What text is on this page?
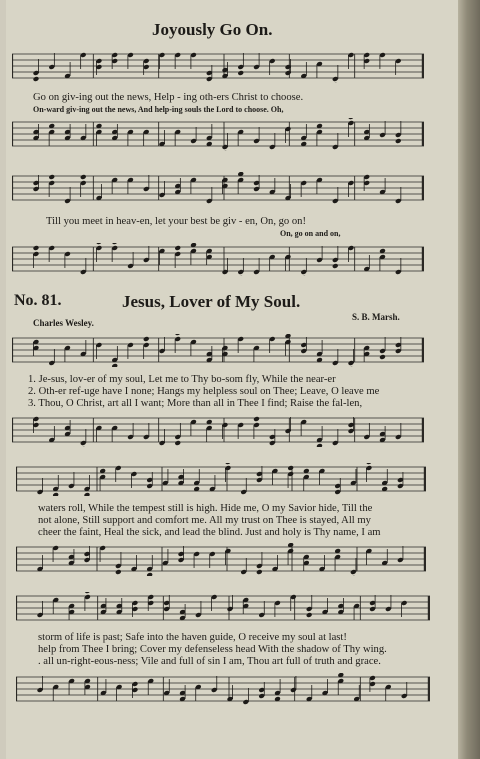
Joyously Go On.
Go on giv-ing out the news, Help - ing oth-ers Christ to choose.
On-ward giv-ing out the news, And help-ing souls the Lord to choose. Oh,
Till you meet in heav-en, let your best be giv - en, On, go on!
On, go on and on,
No. 81.	Jesus, Lover of My Soul.
Charles Wesley.
S. B. Marsh.
1. Je-sus, lov-er of my soul, Let me to Thy bo-som fly, While the near-er
2. Oth-er ref-uge have I none; Hangs my helpless soul on Thee; Leave, O leave me
3. Thou, O Christ, art all I want; More than all in Thee I find; Raise the fal-len,
waters roll, While the tempest still is high. Hide me, O my Savior hide, Till the
not alone, Still support and comfort me. All my trust on Thee is stayed, All my
cheer the faint, Heal the sick, and lead the blind. Just and holy is Thy name, I am
storm of life is past; Safe into the haven guide, O receive my soul at last!
help from Thee I bring; Cover my defenseless head With the shadow of Thy wing.
. all un-right-eous-ness; Vile and full of sin I am, Thou art full of truth and grace.
